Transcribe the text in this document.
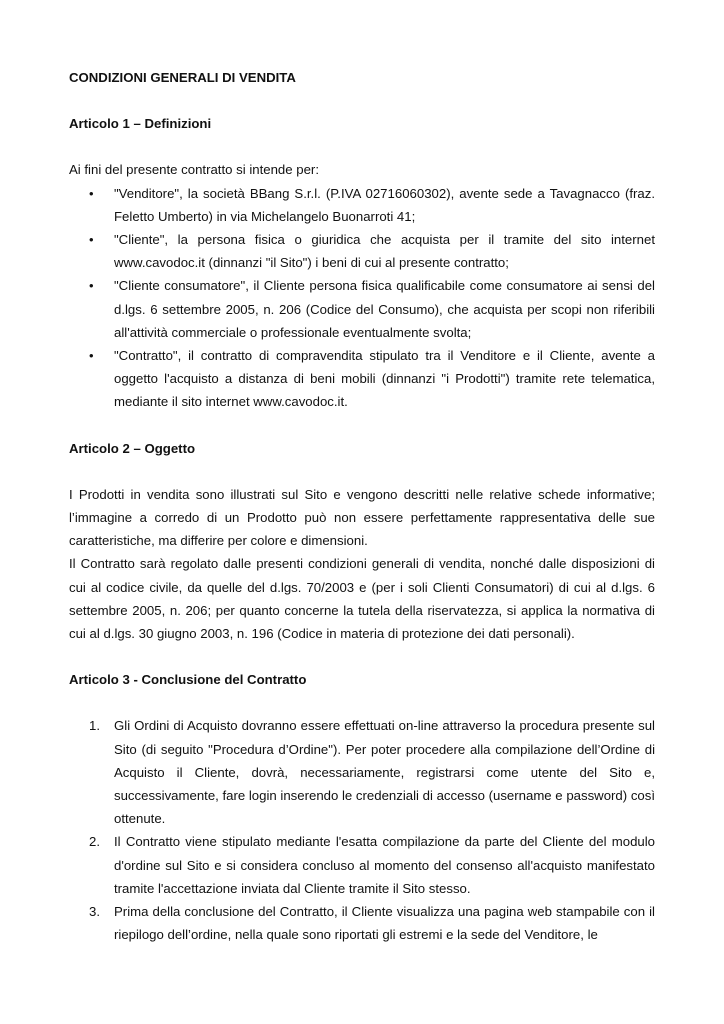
CONDIZIONI GENERALI DI VENDITA

Articolo 1 – Definizioni

Ai fini del presente contratto si intende per:

•	"Venditore", la società BBang S.r.l. (P.IVA 02716060302), avente sede a Tavagnacco (fraz. Feletto Umberto) in via Michelangelo Buonarroti 41;
•	"Cliente", la persona fisica o giuridica che acquista per il tramite del sito internet www.cavodoc.it (dinnanzi "il Sito") i beni di cui al presente contratto;
•	"Cliente consumatore", il Cliente persona fisica qualificabile come consumatore ai sensi del d.lgs. 6 settembre 2005, n. 206 (Codice del Consumo), che acquista per scopi non riferibili all'attività commerciale o professionale eventualmente svolta;
•	"Contratto", il contratto di compravendita stipulato tra il Venditore e il Cliente, avente a oggetto l'acquisto a distanza di beni mobili (dinnanzi "i Prodotti") tramite rete telematica, mediante il sito internet www.cavodoc.it.

Articolo 2 – Oggetto

I Prodotti in vendita sono illustrati sul Sito e vengono descritti nelle relative schede informative; l’immagine a corredo di un Prodotto può non essere perfettamente rappresentativa delle sue caratteristiche, ma differire per colore e dimensioni.

Il Contratto sarà regolato dalle presenti condizioni generali di vendita, nonché dalle disposizioni di cui al codice civile, da quelle del d.lgs. 70/2003 e (per i soli Clienti Consumatori) di cui al d.lgs. 6 settembre 2005, n. 206; per quanto concerne la tutela della riservatezza, si applica la normativa di cui al d.lgs. 30 giugno 2003, n. 196 (Codice in materia di protezione dei dati personali).

Articolo 3 - Conclusione del Contratto

1.	Gli Ordini di Acquisto dovranno essere effettuati on-line attraverso la procedura presente sul Sito (di seguito "Procedura d’Ordine"). Per poter procedere alla compilazione dell’Ordine di Acquisto il Cliente, dovrà, necessariamente, registrarsi come utente del Sito e, successivamente, fare login inserendo le credenziali di accesso (username e password) così ottenute.
2.	Il Contratto viene stipulato mediante l'esatta compilazione da parte del Cliente del modulo d'ordine sul Sito e si considera concluso al momento del consenso all'acquisto manifestato tramite l'accettazione inviata dal Cliente tramite il Sito stesso.
3.	Prima della conclusione del Contratto, il Cliente visualizza una pagina web stampabile con il riepilogo dell’ordine, nella quale sono riportati gli estremi e la sede del Venditore, le
